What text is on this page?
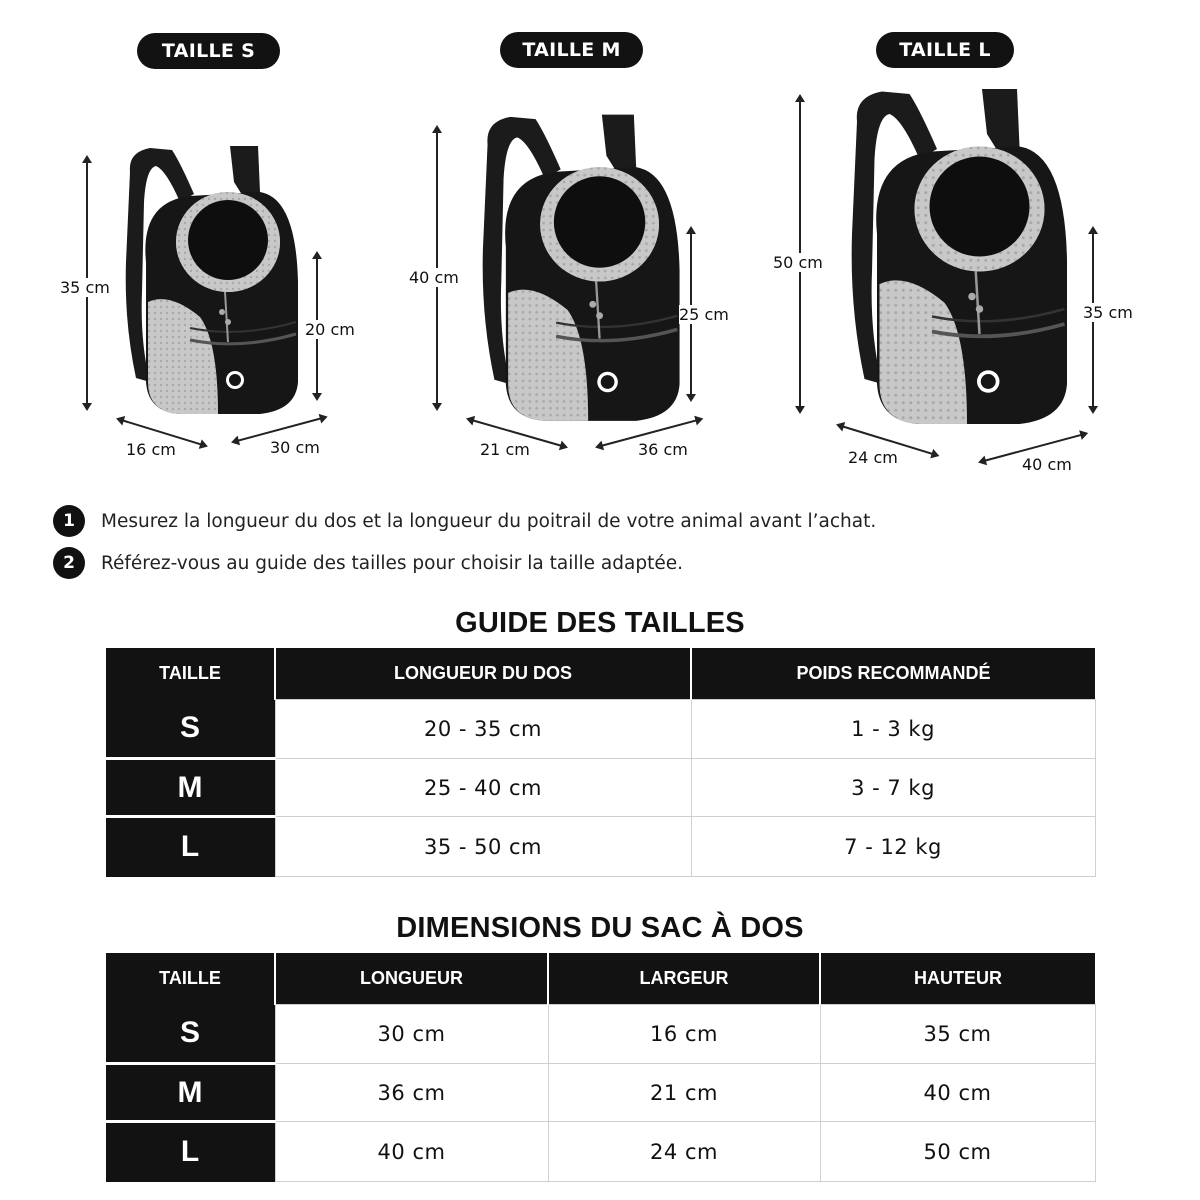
TAILLE S	TAILLE M	TAILLE L
35 cm
20 cm
16 cm	30 cm
40 cm
25 cm
21 cm	36 cm
50 cm
35 cm
24 cm	40 cm
1	Mesurez la longueur du dos et la longueur du poitrail de votre animal avant l’achat.
2	Référez-vous au guide des tailles pour choisir la taille adaptée.
GUIDE DES TAILLES
TAILLE	LONGUEUR DU DOS	POIDS RECOMMANDÉ
S	20 - 35 cm	1 - 3 kg
M	25 - 40 cm	3 - 7 kg
L	35 - 50 cm	7 - 12 kg
DIMENSIONS DU SAC À DOS
TAILLE	LONGUEUR	LARGEUR	HAUTEUR
S	30 cm	16 cm	35 cm
M	36 cm	21 cm	40 cm
L	40 cm	24 cm	50 cm
